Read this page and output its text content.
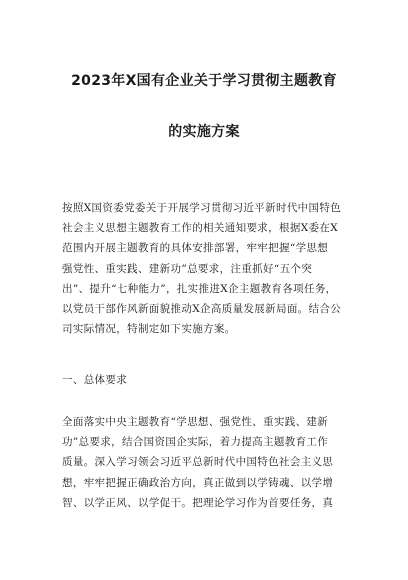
2023年X国有企业关于学习贯彻主题教育
的实施方案
按照X国资委党委关于开展学习贯彻习近平新时代中国特色
社会主义思想主题教育工作的相关通知要求，根据X委在X
范围内开展主题教育的具体安排部署，牢牢把握“学思想
强党性、重实践、建新功”总要求，注重抓好“五个突
出”、提升“七种能力”，扎实推进X企主题教育各项任务，
以党员干部作风新面貌推动X企高质量发展新局面。结合公
司实际情况，特制定如下实施方案。
一、总体要求
全面落实中央主题教育“学思想、强党性、重实践、建新
功”总要求，结合国资国企实际，着力提高主题教育工作
质量。深入学习领会习近平总新时代中国特色社会主义思
想，牢牢把握正确政治方向，真正做到以学铸魂、以学增
智、以学正风、以学促干。把理论学习作为首要任务，真
